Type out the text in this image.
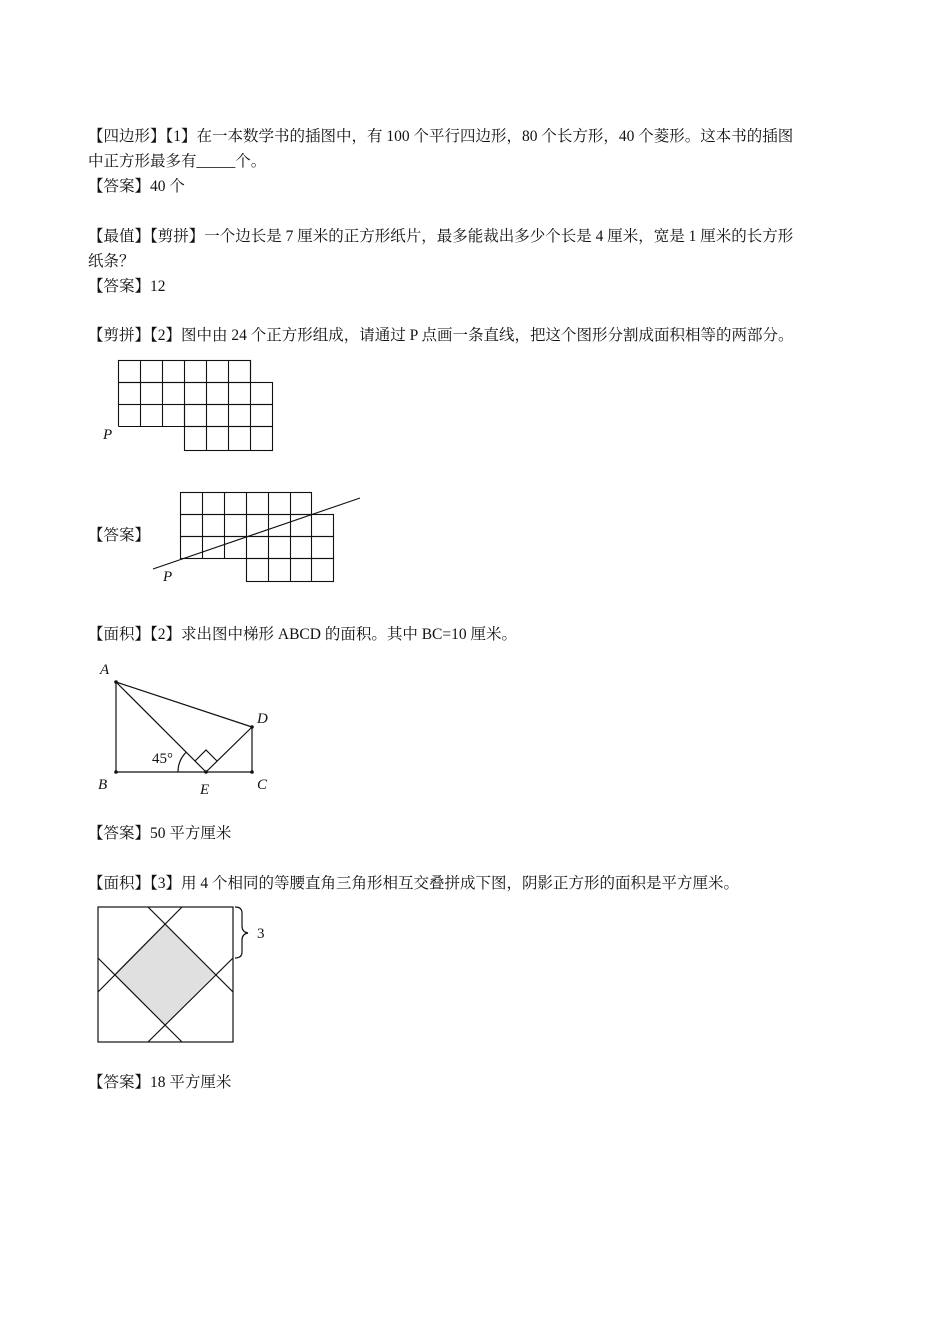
【四边形】【1】在一本数学书的插图中，有 100 个平行四边形，80 个长方形，40 个菱形。这本书的插图
中正方形最多有_____个。
【答案】40 个
【最值】【剪拼】一个边长是 7 厘米的正方形纸片，最多能裁出多少个长是 4 厘米，宽是 1 厘米的长方形
纸条？
【答案】12
【剪拼】【2】图中由 24 个正方形组成，请通过 P 点画一条直线，把这个图形分割成面积相等的两部分。
P
【答案】
P
【面积】【2】求出图中梯形 ABCD 的面积。其中 BC=10 厘米。
A
B	C
D
E
45°
【答案】50 平方厘米
【面积】【3】用 4 个相同的等腰直角三角形相互交叠拼成下图，阴影正方形的面积是平方厘米。
3
【答案】18 平方厘米
